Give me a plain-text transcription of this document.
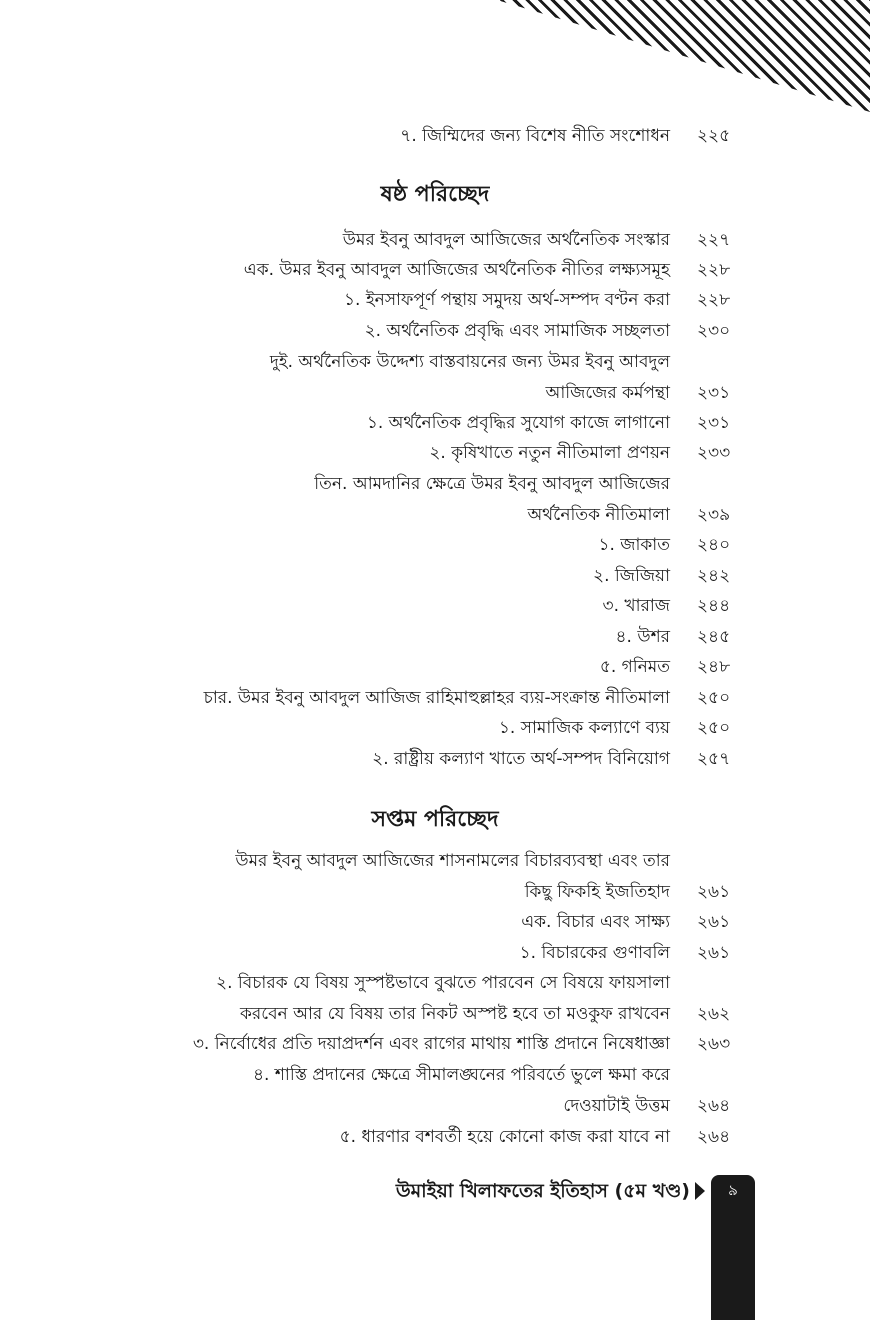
৭. জিম্মিদের জন্য বিশেষ নীতি সংশোধন ২২৫
ষষ্ঠ পরিচ্ছেদ
উমর ইবনু আবদুল আজিজের অর্থনৈতিক সংস্কার ২২৭
এক. উমর ইবনু আবদুল আজিজের অর্থনৈতিক নীতির লক্ষ্যসমূহ ২২৮
১. ইনসাফপূর্ণ পন্থায় সমুদয় অর্থ-সম্পদ বণ্টন করা ২২৮
২. অর্থনৈতিক প্রবৃদ্ধি এবং সামাজিক সচ্ছলতা ২৩০
দুই. অর্থনৈতিক উদ্দেশ্য বাস্তবায়নের জন্য উমর ইবনু আবদুল
আজিজের কর্মপন্থা ২৩১
১. অর্থনৈতিক প্রবৃদ্ধির সুযোগ কাজে লাগানো ২৩১
২. কৃষিখাতে নতুন নীতিমালা প্রণয়ন ২৩৩
তিন. আমদানির ক্ষেত্রে উমর ইবনু আবদুল আজিজের
অর্থনৈতিক নীতিমালা ২৩৯
১. জাকাত ২৪০
২. জিজিয়া ২৪২
৩. খারাজ ২৪৪
৪. উশর ২৪৫
৫. গনিমত ২৪৮
চার. উমর ইবনু আবদুল আজিজ রাহিমাহুল্লাহর ব্যয়-সংক্রান্ত নীতিমালা ২৫০
১. সামাজিক কল্যাণে ব্যয় ২৫০
২. রাষ্ট্রীয় কল্যাণ খাতে অর্থ-সম্পদ বিনিয়োগ ২৫৭
সপ্তম পরিচ্ছেদ
উমর ইবনু আবদুল আজিজের শাসনামলের বিচারব্যবস্থা এবং তার
কিছু ফিকহি ইজতিহাদ ২৬১
এক. বিচার এবং সাক্ষ্য ২৬১
১. বিচারকের গুণাবলি ২৬১
২. বিচারক যে বিষয় সুস্পষ্টভাবে বুঝতে পারবেন সে বিষয়ে ফায়সালা
করবেন আর যে বিষয় তার নিকট অস্পষ্ট হবে তা মওকুফ রাখবেন ২৬২
৩. নির্বোধের প্রতি দয়াপ্রদর্শন এবং রাগের মাথায় শাস্তি প্রদানে নিষেধাজ্ঞা ২৬৩
৪. শাস্তি প্রদানের ক্ষেত্রে সীমালঙ্ঘনের পরিবর্তে ভুলে ক্ষমা করে
দেওয়াটাই উত্তম ২৬৪
৫. ধারণার বশবর্তী হয়ে কোনো কাজ করা যাবে না ২৬৪
উমাইয়া খিলাফতের ইতিহাস (৫ম খণ্ড)	৯
